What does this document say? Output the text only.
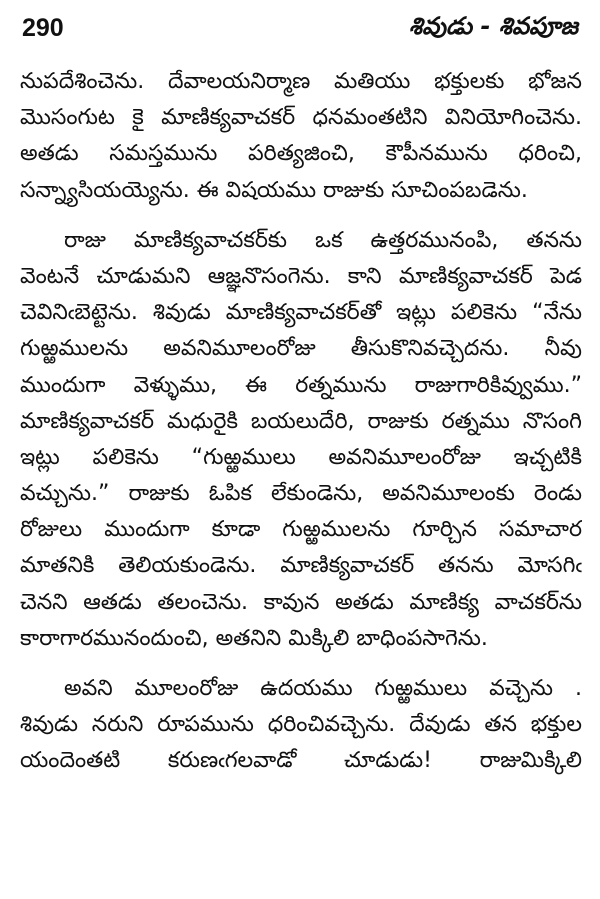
290	శివుడు - శివపూజ
నుపదేశించెను. దేవాలయనిర్మాణ మతియు భక్తులకు భోజన
మొసంగుట కై మాణిక్యవాచకర్ ధనమంతటిని వినియోగించెను.
అతడు సమస్తమును పరిత్యజించి, కౌపీనమును ధరించి,
సన్న్యాసియయ్యెను. ఈ విషయము రాజుకు సూచింపబడెను.
రాజు మాణిక్యవాచకర్‌కు ఒక ఉత్తరమునంపి, తనను
వెంటనే చూడుమని ఆజ్ఞనొసంగెను. కాని మాణిక్యవాచకర్ పెడ
చెవినిఁబెట్టెను. శివుడు మాణిక్యవాచకర్‌తో ఇట్లు పలికెను “నేను
గుఱ్ఱములను అవనిమూలంరోజు తీసుకొనివచ్చెదను. నీవు
ముందుగా వెళ్ళుము, ఈ రత్నమును రాజుగారికివ్వుము.”
మాణిక్యవాచకర్ మధురైకి బయలుదేరి, రాజుకు రత్నము నొసంగి
ఇట్లు పలికెను “గుఱ్ఱములు అవనిమూలంరోజు ఇచ్చటికి
వచ్చును.” రాజుకు ఓపిక లేకుండెను, అవనిమూలంకు రెండు
రోజులు ముందుగా కూడా గుఱ్ఱములను గూర్చిన సమాచార
మాతనికి తెలియకుండెను. మాణిక్యవాచకర్ తనను మోసగిఁ
చెనని ఆతడు తలంచెను. కావున అతడు మాణిక్య వాచకర్‌ను
కారాగారమునందుంచి, అతనిని మిక్కిలి బాధింపసాగెను.
అవని మూలంరోజు ఉదయము గుఱ్ఱములు వచ్చెను .
శివుడు నరుని రూపమును ధరించివచ్చెను. దేవుడు తన భక్తుల
యందెంతటి కరుణఁగలవాడో చూడుడు! రాజుమిక్కిలి
